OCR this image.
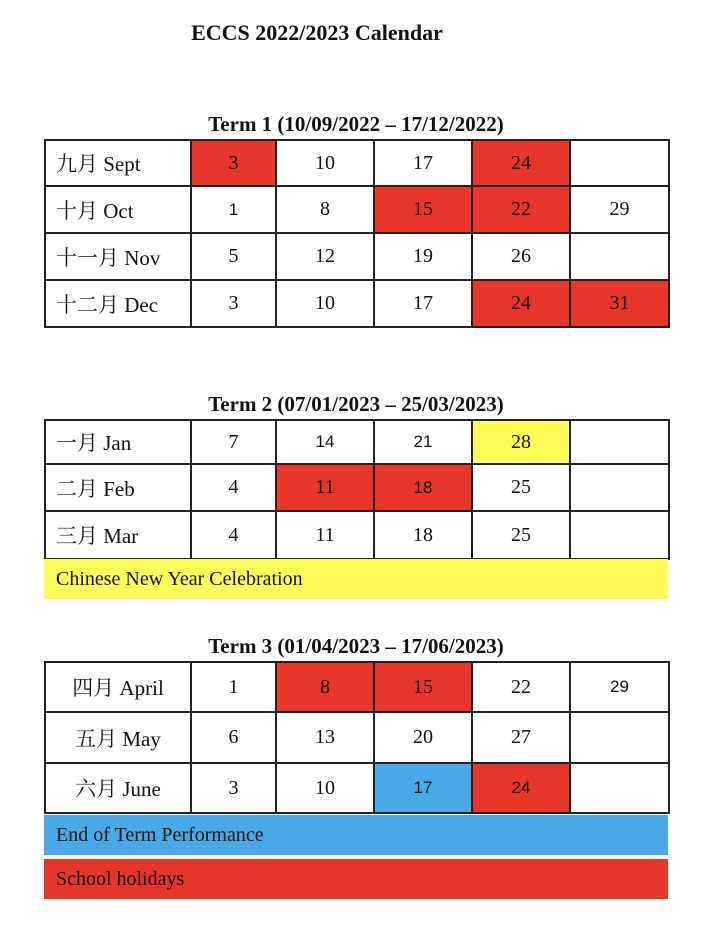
ECCS 2022/2023 Calendar
Term 1 (10/09/2022 – 17/12/2022)
九月 Sept	3	10	17	24	
十月 Oct	1	8	15	22	29
十一月 Nov	5	12	19	26	
十二月 Dec	3	10	17	24	31
Term 2 (07/01/2023 – 25/03/2023)
一月 Jan	7	14	21	28	
二月 Feb	4	11	18	25	
三月 Mar	4	11	18	25	
Chinese New Year Celebration
Term 3 (01/04/2023 – 17/06/2023)
四月 April	1	8	15	22	29
五月 May	6	13	20	27	
六月 June	3	10	17	24	
End of Term Performance
School holidays
